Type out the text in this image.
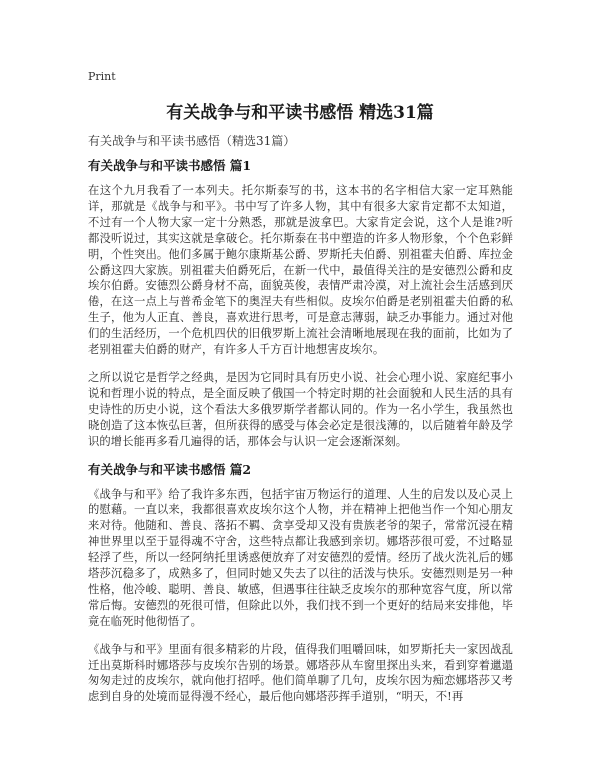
Print
有关战争与和平读书感悟 精选31篇
有关战争与和平读书感悟（精选31篇）
有关战争与和平读书感悟 篇1

在这个九月我看了一本列夫。托尔斯泰写的书，这本书的名字相信大家一定耳熟能详，那就是《战争与和平》。书中写了许多人物，其中有很多大家肯定都不太知道，不过有一个人物大家一定十分熟悉，那就是波拿巴。大家肯定会说，这个人是谁?听都没听说过，其实这就是拿破仑。托尔斯泰在书中塑造的许多人物形象，个个色彩鲜明，个性突出。他们多属于鲍尔康斯基公爵、罗斯托夫伯爵、别祖霍夫伯爵、库拉金公爵这四大家族。别祖霍夫伯爵死后，在新一代中，最值得关注的是安德烈公爵和皮埃尔伯爵。安德烈公爵身材不高，面貌英俊，表情严肃冷漠，对上流社会生活感到厌倦，在这一点上与普希金笔下的奥涅夫有些相似。皮埃尔伯爵是老别祖霍夫伯爵的私生子，他为人正直、善良，喜欢进行思考，可是意志薄弱，缺乏办事能力。通过对他们的生活经历，一个危机四伏的旧俄罗斯上流社会清晰地展现在我的面前，比如为了老别祖霍夫伯爵的财产，有许多人千方百计地想害皮埃尔。

之所以说它是哲学之经典，是因为它同时具有历史小说、社会心理小说、家庭纪事小说和哲理小说的特点，是全面反映了俄国一个特定时期的社会面貌和人民生活的具有史诗性的历史小说，这个看法大多俄罗斯学者都认同的。作为一名小学生，我虽然也晓创造了这本恢弘巨著，但所获得的感受与体会必定是很浅薄的，以后随着年龄及学识的增长能再多看几遍得的话，那体会与认识一定会逐渐深刻。

有关战争与和平读书感悟 篇2

《战争与和平》给了我许多东西，包括宇宙万物运行的道理、人生的启发以及心灵上的慰藉。一直以来，我都很喜欢皮埃尔这个人物，并在精神上把他当作一个知心朋友来对待。他随和、善良、落拓不羁、贪享受却又没有贵族老爷的架子，常常沉浸在精神世界里以至于显得魂不守舍，这些特点都让我感到亲切。娜塔莎很可爱，不过略显轻浮了些，所以一经阿纳托里诱惑便放弃了对安德烈的爱情。经历了战火洗礼后的娜塔莎沉稳多了，成熟多了，但同时她又失去了以往的活泼与快乐。安德烈则是另一种性格，他冷峻、聪明、善良、敏感，但遇事往往缺乏皮埃尔的那种宽容气度，所以常常后悔。安德烈的死很可惜，但除此以外，我们找不到一个更好的结局来安排他，毕竟在临死时他彻悟了。

《战争与和平》里面有很多精彩的片段，值得我们咀嚼回味，如罗斯托夫一家因战乱迁出莫斯科时娜塔莎与皮埃尔告别的场景。娜塔莎从车窗里探出头来，看到穿着邋遢匆匆走过的皮埃尔，就向他打招呼。他们简单聊了几句，皮埃尔因为痴恋娜塔莎又考虑到自身的处境而显得漫不经心，最后他向娜塔莎挥手道别，“明天，不!再
